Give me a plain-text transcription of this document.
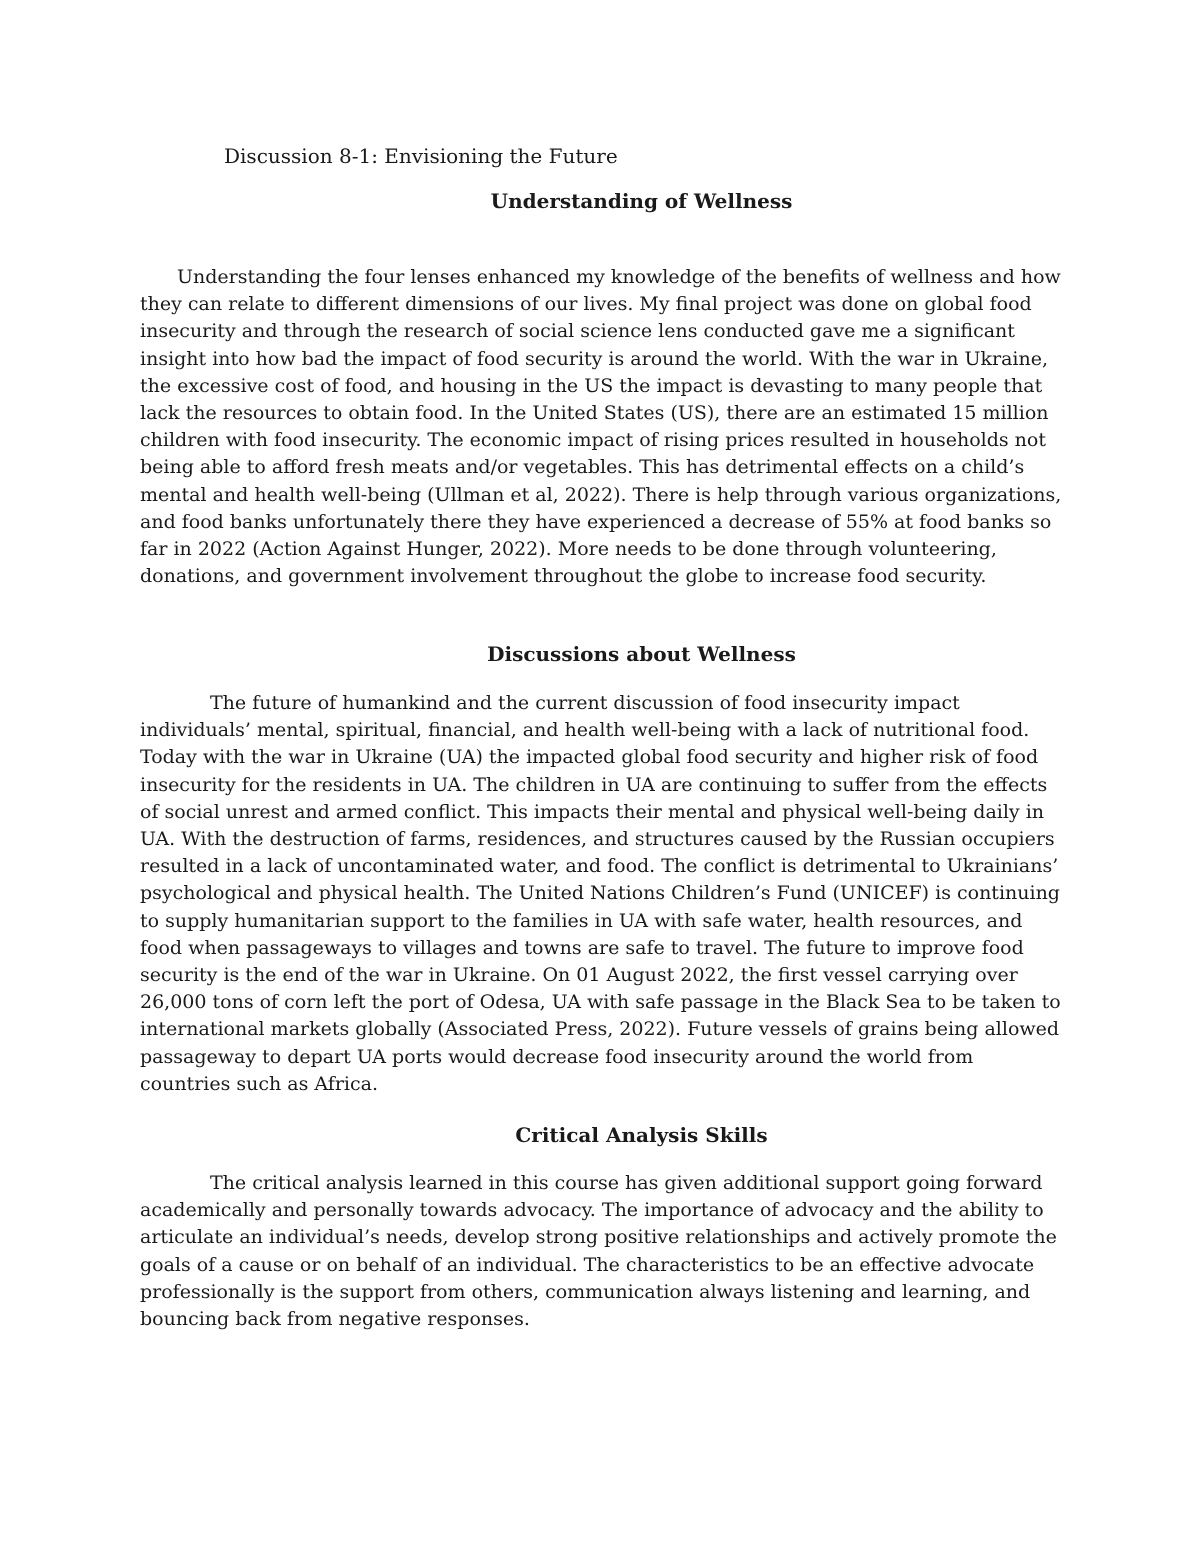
Discussion 8-1: Envisioning the Future
Understanding of Wellness

Understanding the four lenses enhanced my knowledge of the benefits of wellness and how they can relate to different dimensions of our lives. My final project was done on global food insecurity and through the research of social science lens conducted gave me a significant insight into how bad the impact of food security is around the world. With the war in Ukraine, the excessive cost of food, and housing in the US the impact is devasting to many people that lack the resources to obtain food. In the United States (US), there are an estimated 15 million children with food insecurity. The economic impact of rising prices resulted in households not being able to afford fresh meats and/or vegetables. This has detrimental effects on a child’s mental and health well-being (Ullman et al, 2022). There is help through various organizations, and food banks unfortunately there they have experienced a decrease of 55% at food banks so far in 2022 (Action Against Hunger, 2022). More needs to be done through volunteering, donations, and government involvement throughout the globe to increase food security.

Discussions about Wellness

The future of humankind and the current discussion of food insecurity impact individuals’ mental, spiritual, financial, and health well-being with a lack of nutritional food. Today with the war in Ukraine (UA) the impacted global food security and higher risk of food insecurity for the residents in UA. The children in UA are continuing to suffer from the effects of social unrest and armed conflict. This impacts their mental and physical well-being daily in UA. With the destruction of farms, residences, and structures caused by the Russian occupiers resulted in a lack of uncontaminated water, and food. The conflict is detrimental to Ukrainians’ psychological and physical health. The United Nations Children’s Fund (UNICEF) is continuing to supply humanitarian support to the families in UA with safe water, health resources, and food when passageways to villages and towns are safe to travel. The future to improve food security is the end of the war in Ukraine. On 01 August 2022, the first vessel carrying over 26,000 tons of corn left the port of Odesa, UA with safe passage in the Black Sea to be taken to international markets globally (Associated Press, 2022). Future vessels of grains being allowed passageway to depart UA ports would decrease food insecurity around the world from countries such as Africa.

Critical Analysis Skills

The critical analysis learned in this course has given additional support going forward academically and personally towards advocacy. The importance of advocacy and the ability to articulate an individual’s needs, develop strong positive relationships and actively promote the goals of a cause or on behalf of an individual. The characteristics to be an effective advocate professionally is the support from others, communication always listening and learning, and bouncing back from negative responses.
